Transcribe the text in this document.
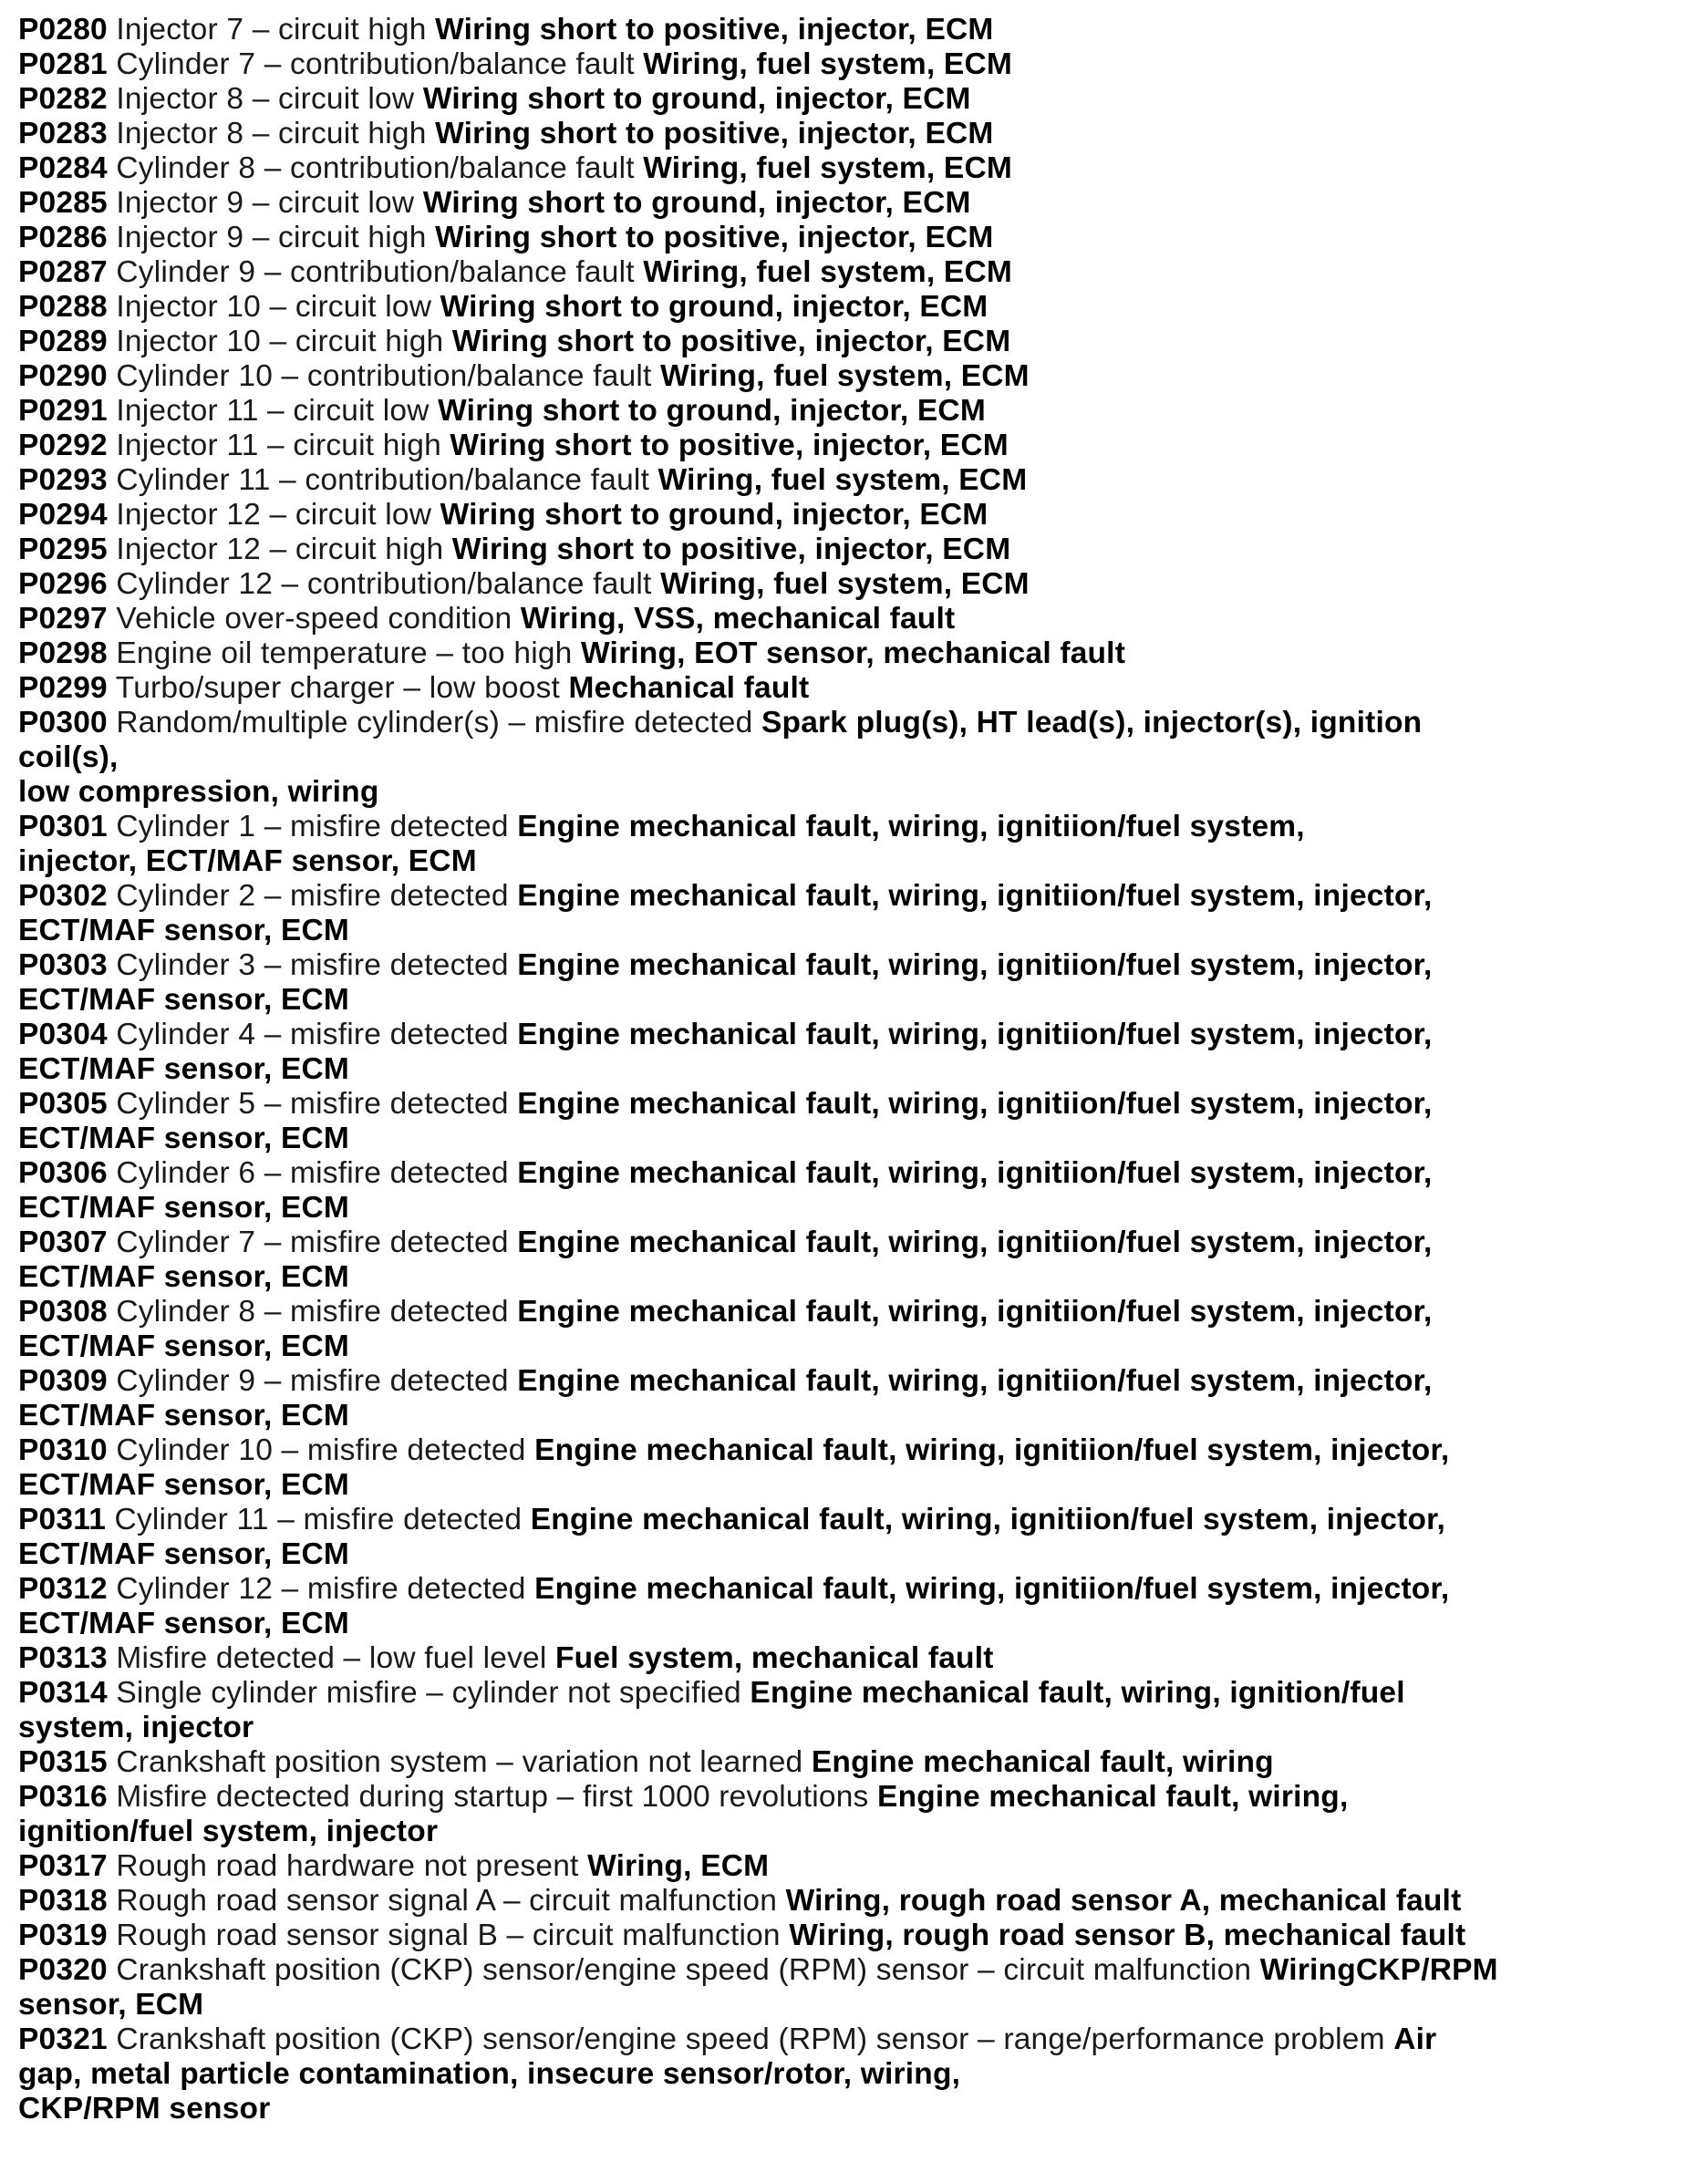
P0280 Injector 7 – circuit high Wiring short to positive, injector, ECM
P0281 Cylinder 7 – contribution/balance fault Wiring, fuel system, ECM
P0282 Injector 8 – circuit low Wiring short to ground, injector, ECM
P0283 Injector 8 – circuit high Wiring short to positive, injector, ECM
P0284 Cylinder 8 – contribution/balance fault Wiring, fuel system, ECM
P0285 Injector 9 – circuit low Wiring short to ground, injector, ECM
P0286 Injector 9 – circuit high Wiring short to positive, injector, ECM
P0287 Cylinder 9 – contribution/balance fault Wiring, fuel system, ECM
P0288 Injector 10 – circuit low Wiring short to ground, injector, ECM
P0289 Injector 10 – circuit high Wiring short to positive, injector, ECM
P0290 Cylinder 10 – contribution/balance fault Wiring, fuel system, ECM
P0291 Injector 11 – circuit low Wiring short to ground, injector, ECM
P0292 Injector 11 – circuit high Wiring short to positive, injector, ECM
P0293 Cylinder 11 – contribution/balance fault Wiring, fuel system, ECM
P0294 Injector 12 – circuit low Wiring short to ground, injector, ECM
P0295 Injector 12 – circuit high Wiring short to positive, injector, ECM
P0296 Cylinder 12 – contribution/balance fault Wiring, fuel system, ECM
P0297 Vehicle over-speed condition Wiring, VSS, mechanical fault
P0298 Engine oil temperature – too high Wiring, EOT sensor, mechanical fault
P0299 Turbo/super charger – low boost Mechanical fault
P0300 Random/multiple cylinder(s) – misfire detected Spark plug(s), HT lead(s), injector(s), ignition
coil(s),
low compression, wiring
P0301 Cylinder 1 – misfire detected Engine mechanical fault, wiring, ignitiion/fuel system,
injector, ECT/MAF sensor, ECM
P0302 Cylinder 2 – misfire detected Engine mechanical fault, wiring, ignitiion/fuel system, injector,
ECT/MAF sensor, ECM
P0303 Cylinder 3 – misfire detected Engine mechanical fault, wiring, ignitiion/fuel system, injector,
ECT/MAF sensor, ECM
P0304 Cylinder 4 – misfire detected Engine mechanical fault, wiring, ignitiion/fuel system, injector,
ECT/MAF sensor, ECM
P0305 Cylinder 5 – misfire detected Engine mechanical fault, wiring, ignitiion/fuel system, injector,
ECT/MAF sensor, ECM
P0306 Cylinder 6 – misfire detected Engine mechanical fault, wiring, ignitiion/fuel system, injector,
ECT/MAF sensor, ECM
P0307 Cylinder 7 – misfire detected Engine mechanical fault, wiring, ignitiion/fuel system, injector,
ECT/MAF sensor, ECM
P0308 Cylinder 8 – misfire detected Engine mechanical fault, wiring, ignitiion/fuel system, injector,
ECT/MAF sensor, ECM
P0309 Cylinder 9 – misfire detected Engine mechanical fault, wiring, ignitiion/fuel system, injector,
ECT/MAF sensor, ECM
P0310 Cylinder 10 – misfire detected Engine mechanical fault, wiring, ignitiion/fuel system, injector,
ECT/MAF sensor, ECM
P0311 Cylinder 11 – misfire detected Engine mechanical fault, wiring, ignitiion/fuel system, injector,
ECT/MAF sensor, ECM
P0312 Cylinder 12 – misfire detected Engine mechanical fault, wiring, ignitiion/fuel system, injector,
ECT/MAF sensor, ECM
P0313 Misfire detected – low fuel level Fuel system, mechanical fault
P0314 Single cylinder misfire – cylinder not specified Engine mechanical fault, wiring, ignition/fuel
system, injector
P0315 Crankshaft position system – variation not learned Engine mechanical fault, wiring
P0316 Misfire dectected during startup – first 1000 revolutions Engine mechanical fault, wiring,
ignition/fuel system, injector
P0317 Rough road hardware not present Wiring, ECM
P0318 Rough road sensor signal A – circuit malfunction Wiring, rough road sensor A, mechanical fault
P0319 Rough road sensor signal B – circuit malfunction Wiring, rough road sensor B, mechanical fault
P0320 Crankshaft position (CKP) sensor/engine speed (RPM) sensor – circuit malfunction WiringCKP/RPM
sensor, ECM
P0321 Crankshaft position (CKP) sensor/engine speed (RPM) sensor – range/performance problem Air
gap, metal particle contamination, insecure sensor/rotor, wiring,
CKP/RPM sensor
